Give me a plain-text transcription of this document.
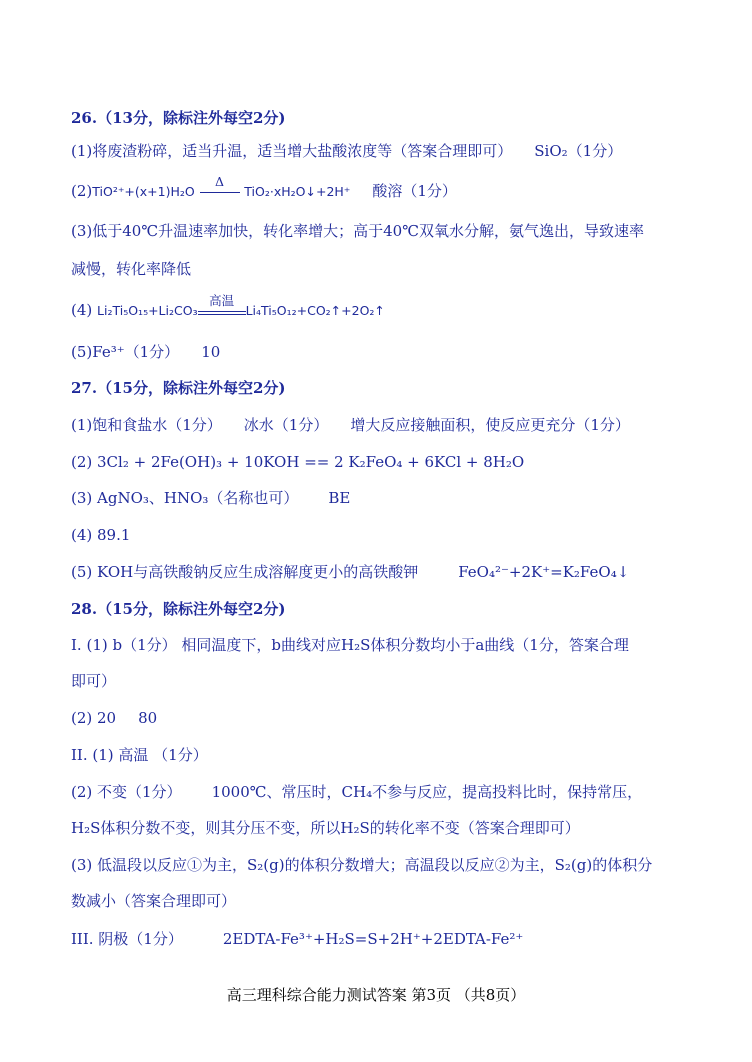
26.（13分，除标注外每空2分)
(1)将废渣粉碎，适当升温，适当增大盐酸浓度等（答案合理即可） SiO₂（1分）
(2)TiO²⁺+(x+1)H₂O
Δ
TiO₂·xH₂O↓+2H⁺ 酸溶（1分）
(3)低于40℃升温速率加快，转化率增大；高于40℃双氧水分解，氨气逸出，导致速率
减慢，转化率降低
(4) Li₂Ti₅O₁₅+Li₂CO₃
高温
Li₄Ti₅O₁₂+CO₂↑+2O₂↑
(5)Fe³⁺（1分） 10
27.（15分，除标注外每空2分)
(1)饱和食盐水（1分） 冰水（1分） 增大反应接触面积，使反应更充分（1分）
(2) 3Cl₂ + 2Fe(OH)₃ + 10KOH == 2 K₂FeO₄ + 6KCl + 8H₂O
(3) AgNO₃、HNO₃（名称也可） BE
(4) 89.1
(5) KOH与高铁酸钠反应生成溶解度更小的高铁酸钾	FeO₄²⁻+2K⁺=K₂FeO₄↓
28.（15分，除标注外每空2分)
I. (1) b（1分） 相同温度下，b曲线对应H₂S体积分数均小于a曲线（1分，答案合理
即可）
(2) 20 80
II. (1) 高温 （1分）
(2) 不变（1分） 1000℃、常压时，CH₄不参与反应，提高投料比时，保持常压，
H₂S体积分数不变，则其分压不变，所以H₂S的转化率不变（答案合理即可）
(3) 低温段以反应①为主，S₂(g)的体积分数增大；高温段以反应②为主，S₂(g)的体积分
数减小（答案合理即可）
III. 阴极（1分）	2EDTA-Fe³⁺+H₂S=S+2H⁺+2EDTA-Fe²⁺
高三理科综合能力测试答案 第3页 （共8页）
